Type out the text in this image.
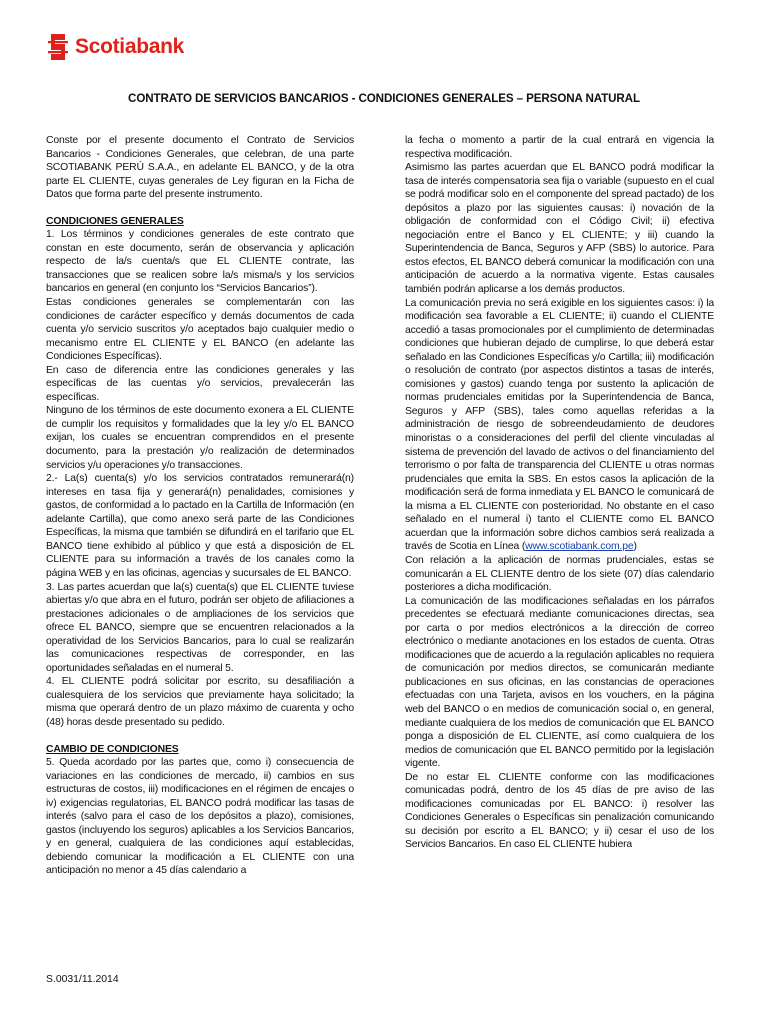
Scotiabank
CONTRATO DE SERVICIOS BANCARIOS - CONDICIONES GENERALES – PERSONA NATURAL

Conste por el presente documento el Contrato de Servicios Bancarios - Condiciones Generales, que celebran, de una parte SCOTIABANK PERÚ S.A.A., en adelante EL BANCO, y de la otra parte EL CLIENTE, cuyas generales de Ley figuran en la Ficha de Datos que forma parte del presente instrumento.

CONDICIONES GENERALES

1. Los términos y condiciones generales de este contrato que constan en este documento, serán de observancia y aplicación respecto de la/s cuenta/s que EL CLIENTE contrate, las transacciones que se realicen sobre la/s misma/s y los servicios bancarios en general (en conjunto los “Servicios Bancarios”).

Estas condiciones generales se complementarán con las condiciones de carácter específico y demás documentos de cada cuenta y/o servicio suscritos y/o aceptados bajo cualquier medio o mecanismo entre EL CLIENTE y EL BANCO (en adelante las Condiciones Específicas).

En caso de diferencia entre las condiciones generales y las específicas de las cuentas y/o servicios, prevalecerán las específicas.

Ninguno de los términos de este documento exonera a EL CLIENTE de cumplir los requisitos y formalidades que la ley y/o EL BANCO exijan, los cuales se encuentran comprendidos en el presente documento, para la prestación y/o realización de determinados servicios y/u operaciones y/o transacciones.

2.- La(s) cuenta(s) y/o los servicios contratados remunerará(n) intereses en tasa fija y generará(n) penalidades, comisiones y gastos, de conformidad a lo pactado en la Cartilla de Información (en adelante Cartilla), que como anexo será parte de las Condiciones Específicas, la misma que también se difundirá en el tarifario que EL BANCO tiene exhibido al público y que está a disposición de EL CLIENTE para su información a través de los canales como la página WEB y en las oficinas, agencias y sucursales de EL BANCO.

3. Las partes acuerdan que la(s) cuenta(s) que EL CLIENTE tuviese abiertas y/o que abra en el futuro, podrán ser objeto de afiliaciones a prestaciones adicionales o de ampliaciones de los servicios que ofrece EL BANCO, siempre que se encuentren relacionados a la operatividad de los Servicios Bancarios, para lo cual se realizarán las comunicaciones respectivas de corresponder, en las oportunidades señaladas en el numeral 5.

4. EL CLIENTE podrá solicitar por escrito, su desafiliación a cualesquiera de los servicios que previamente haya solicitado; la misma que operará dentro de un plazo máximo de cuarenta y ocho (48) horas desde presentado su pedido.

CAMBIO DE CONDICIONES

5. Queda acordado por las partes que, como i) consecuencia de variaciones en las condiciones de mercado, ii) cambios en sus estructuras de costos, iii) modificaciones en el régimen de encajes o iv) exigencias regulatorias, EL BANCO podrá modificar las tasas de interés (salvo para el caso de los depósitos a plazo), comisiones, gastos (incluyendo los seguros) aplicables a los Servicios Bancarios, y en general, cualquiera de las condiciones aquí establecidas, debiendo comunicar la modificación a EL CLIENTE con una anticipación no menor a 45 días calendario a

la fecha o momento a partir de la cual entrará en vigencia la respectiva modificación.

Asimismo las partes acuerdan que EL BANCO podrá modificar la tasa de interés compensatoria sea fija o variable (supuesto en el cual se podrá modificar solo en el componente del spread pactado) de los depósitos a plazo por las siguientes causas: i) novación de la obligación de conformidad con el Código Civil; ii) efectiva negociación entre el Banco y EL CLIENTE; y iii) cuando la Superintendencia de Banca, Seguros y AFP (SBS) lo autorice. Para estos efectos, EL BANCO deberá comunicar la modificación con una anticipación de acuerdo a la normativa vigente. Estas causales también podrán aplicarse a los demás productos.

La comunicación previa no será exigible en los siguientes casos: i) la modificación sea favorable a EL CLIENTE; ii) cuando el CLIENTE accedió a tasas promocionales por el cumplimiento de determinadas condiciones que hubieran dejado de cumplirse, lo que deberá estar señalado en las Condiciones Específicas y/o Cartilla; iii) modificación o resolución de contrato (por aspectos distintos a tasas de interés, comisiones y gastos) cuando tenga por sustento la aplicación de normas prudenciales emitidas por la Superintendencia de Banca, Seguros y AFP (SBS), tales como aquellas referidas a la administración de riesgo de sobreendeudamiento de deudores minoristas o a consideraciones del perfil del cliente vinculadas al sistema de prevención del lavado de activos o del financiamiento del terrorismo o por falta de transparencia del CLIENTE u otras normas prudenciales que emita la SBS. En estos casos la aplicación de la modificación será de forma inmediata y EL BANCO le comunicará de la misma a EL CLIENTE con posterioridad. No obstante en el caso señalado en el numeral i) tanto el CLIENTE como EL BANCO acuerdan que la información sobre dichos cambios será realizada a través de Scotia en Línea (www.scotiabank.com.pe)

Con relación a la aplicación de normas prudenciales, estas se comunicarán a EL CLIENTE dentro de los siete (07) días calendario posteriores a dicha modificación.

La comunicación de las modificaciones señaladas en los párrafos precedentes se efectuará mediante comunicaciones directas, sea por carta o por medios electrónicos a la dirección de correo electrónico o mediante anotaciones en los estados de cuenta. Otras modificaciones que de acuerdo a la regulación aplicables no requiera de comunicación por medios directos, se comunicarán mediante publicaciones en sus oficinas, en las constancias de operaciones efectuadas con una Tarjeta, avisos en los vouchers, en la página web del BANCO o en medios de comunicación social o, en general, mediante cualquiera de los medios de comunicación que EL BANCO ponga a disposición de EL CLIENTE, así como cualquiera de los medios de comunicación que EL BANCO permitido por la legislación vigente.

De no estar EL CLIENTE conforme con las modificaciones comunicadas podrá, dentro de los 45 días de pre aviso de las modificaciones comunicadas por EL BANCO: i) resolver las Condiciones Generales o Específicas sin penalización comunicando su decisión por escrito a EL BANCO; y ii) cesar el uso de los Servicios Bancarios. En caso EL CLIENTE hubiera

S.0031/11.2014
